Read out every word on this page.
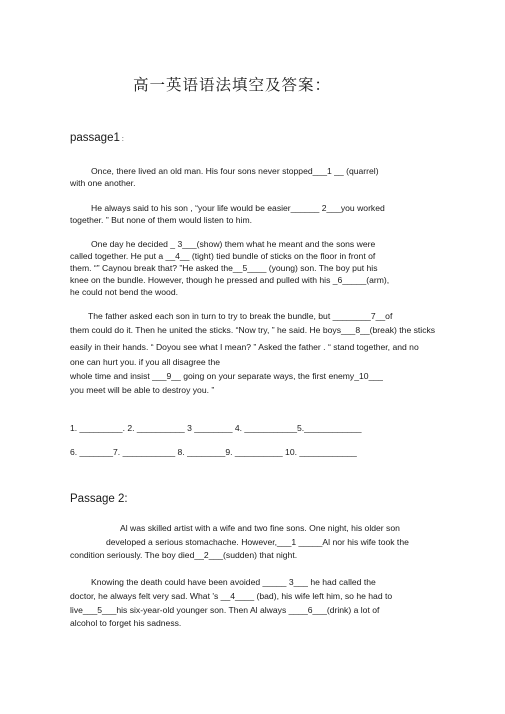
高一英语语法填空及答案：
passage1 :
Once, there lived an old man. His four sons never stopped___1 __ (quarrel)
with one another.
He always said to his son , “your life would be easier______ 2___you worked
together. ” But none of them would listen to him.
One day he decided _ 3___(show) them what he meant and the sons were
called together. He put a __4__ (tight) tied bundle of sticks on the floor in front of
them. “” Caynou break that? ”He asked the__5____ (young) son. The boy put his
knee on the bundle. However, though he pressed and pulled with his _6_____(arm),
he could not bend the wood.
The father asked each son in turn to try to break the bundle, but ________7__of
them could do it. Then he united the sticks. “Now try, ” he said. He boys___8__(break) the sticks
easily in their hands. “ Doyou see what I mean? ” Asked the father . “ stand together, and no
one can hurt you. if you all disagree the
whole time and insist ___9__ going on your separate ways, the first enemy_10___
you meet will be able to destroy you. ”
1. _________. 2. __________ 3 ________ 4. ___________5.____________
6. _______7. ___________ 8. ________9. __________ 10. ____________
Passage 2:
Al was skilled artist with a wife and two fine sons. One night, his older son
developed a serious stomachache. However,___1 _____Al nor his wife took the
condition seriously. The boy died__2___(sudden) that night.
Knowing the death could have been avoided _____ 3___ he had called the
doctor, he always felt very sad. What 's __4____ (bad), his wife left him, so he had to
live___5___his six-year-old younger son. Then Al always ____6___(drink) a lot of
alcohol to forget his sadness.
